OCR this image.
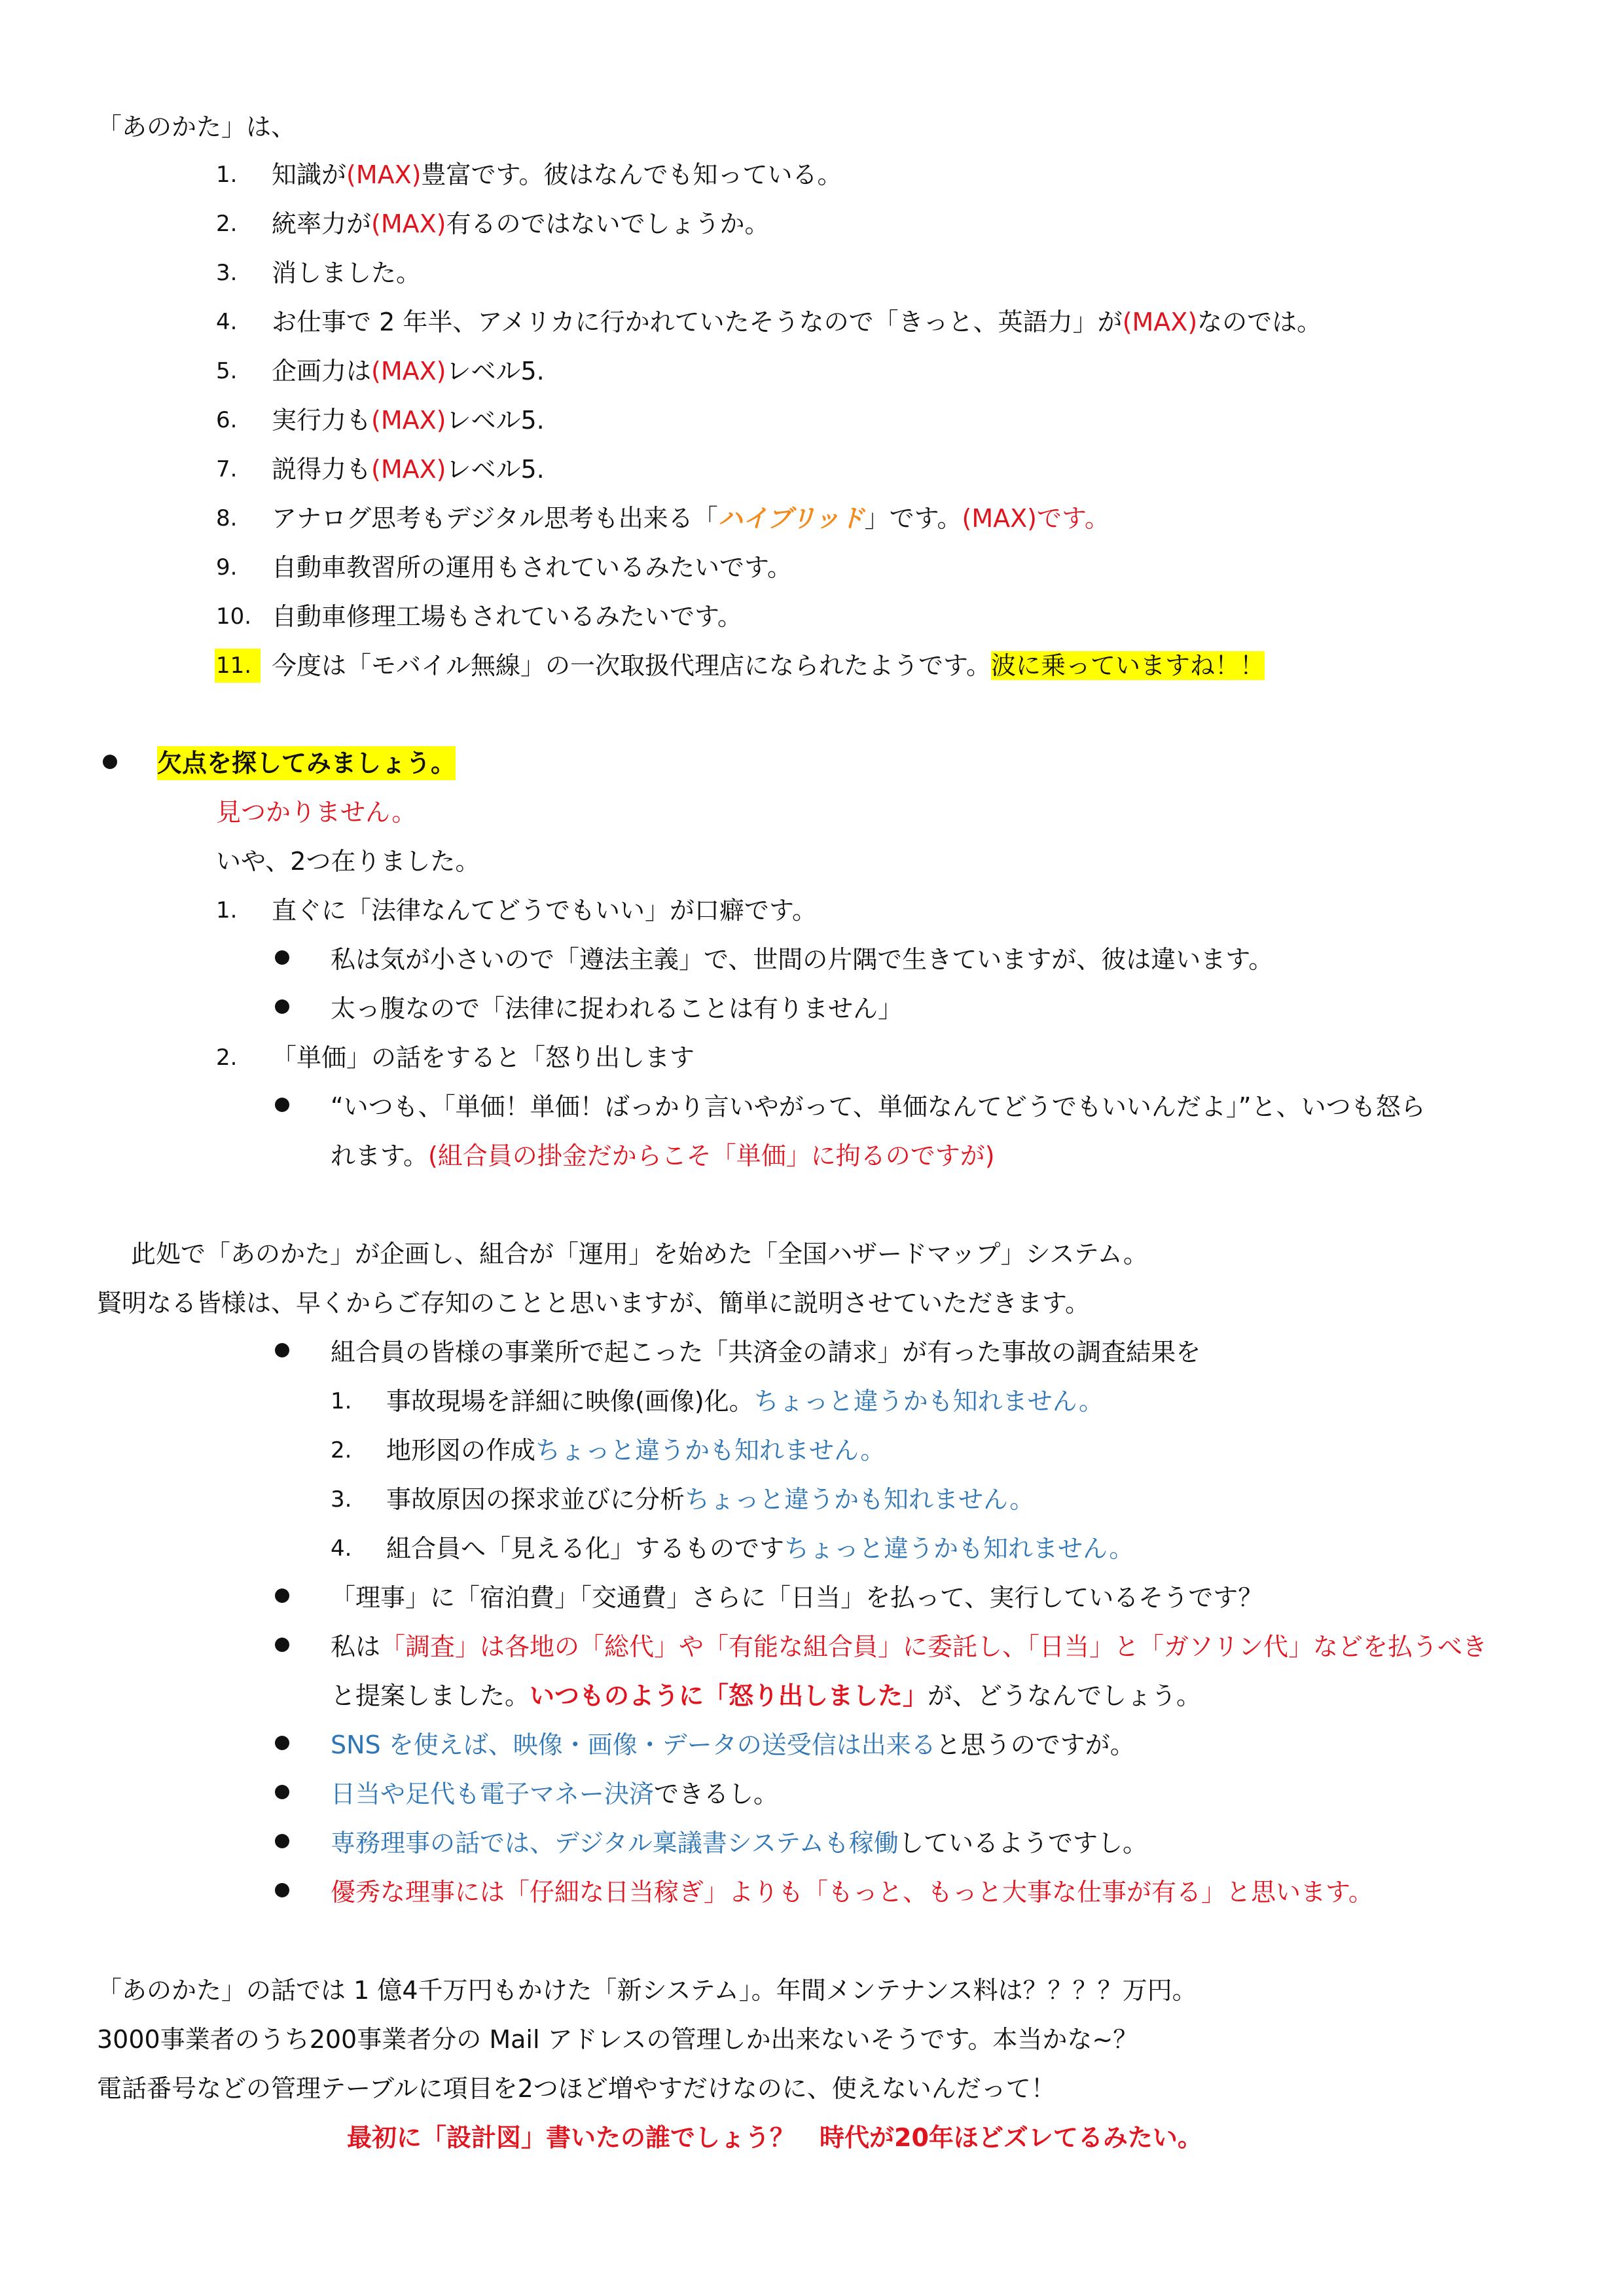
「あのかた」は、
1. 知識が(MAX)豊富です。彼はなんでも知っている。
2. 統率力が(MAX)有るのではないでしょうか。
3. 消しました。
4. お仕事で 2 年半、アメリカに行かれていたそうなので「きっと、英語力」が(MAX)なのでは。
5. 企画力は(MAX)レベル5.
6. 実行力も(MAX)レベル5.
7. 説得力も(MAX)レベル5.
8. アナログ思考もデジタル思考も出来る「ハイブリッド」です。(MAX)です。
9. 自動車教習所の運用もされているみたいです。
10. 自動車修理工場もされているみたいです。
11. 今度は「モバイル無線」の一次取扱代理店になられたようです。波に乗っていますね！！
欠点を探してみましょう。
見つかりません。
いや、2つ在りました。
1. 直ぐに「法律なんてどうでもいい」が口癖です。
私は気が小さいので「遵法主義」で、世間の片隅で生きていますが、彼は違います。
太っ腹なので「法律に捉われることは有りません」
2. 「単価」の話をすると「怒り出します
“いつも、「単価！単価！ばっかり言いやがって、単価なんてどうでもいいんだよ」”と、いつも怒ら
れます。(組合員の掛金だからこそ「単価」に拘るのですが)
此処で「あのかた」が企画し、組合が「運用」を始めた「全国ハザードマップ」システム。
賢明なる皆様は、早くからご存知のことと思いますが、簡単に説明させていただきます。
組合員の皆様の事業所で起こった「共済金の請求」が有った事故の調査結果を
1. 事故現場を詳細に映像(画像)化。ちょっと違うかも知れません。
2. 地形図の作成ちょっと違うかも知れません。
3. 事故原因の探求並びに分析ちょっと違うかも知れません。
4. 組合員へ「見える化」するものですちょっと違うかも知れません。
「理事」に「宿泊費」「交通費」さらに「日当」を払って、実行しているそうです？
私は「調査」は各地の「総代」や「有能な組合員」に委託し、「日当」と「ガソリン代」などを払うべき
と提案しました。いつものように「怒り出しました」が、どうなんでしょう。
SNS を使えば、映像・画像・データの送受信は出来ると思うのですが。
日当や足代も電子マネー決済できるし。
専務理事の話では、デジタル稟議書システムも稼働しているようですし。
優秀な理事には「仔細な日当稼ぎ」よりも「もっと、もっと大事な仕事が有る」と思います。
「あのかた」の話では 1 億4千万円もかけた「新システム」。年間メンテナンス料は？？？？万円。
3000事業者のうち200事業者分の Mail アドレスの管理しか出来ないそうです。本当かな~？
電話番号などの管理テーブルに項目を2つほど増やすだけなのに、使えないんだって！
最初に「設計図」書いたの誰でしょう？　時代が20年ほどズレてるみたい。
